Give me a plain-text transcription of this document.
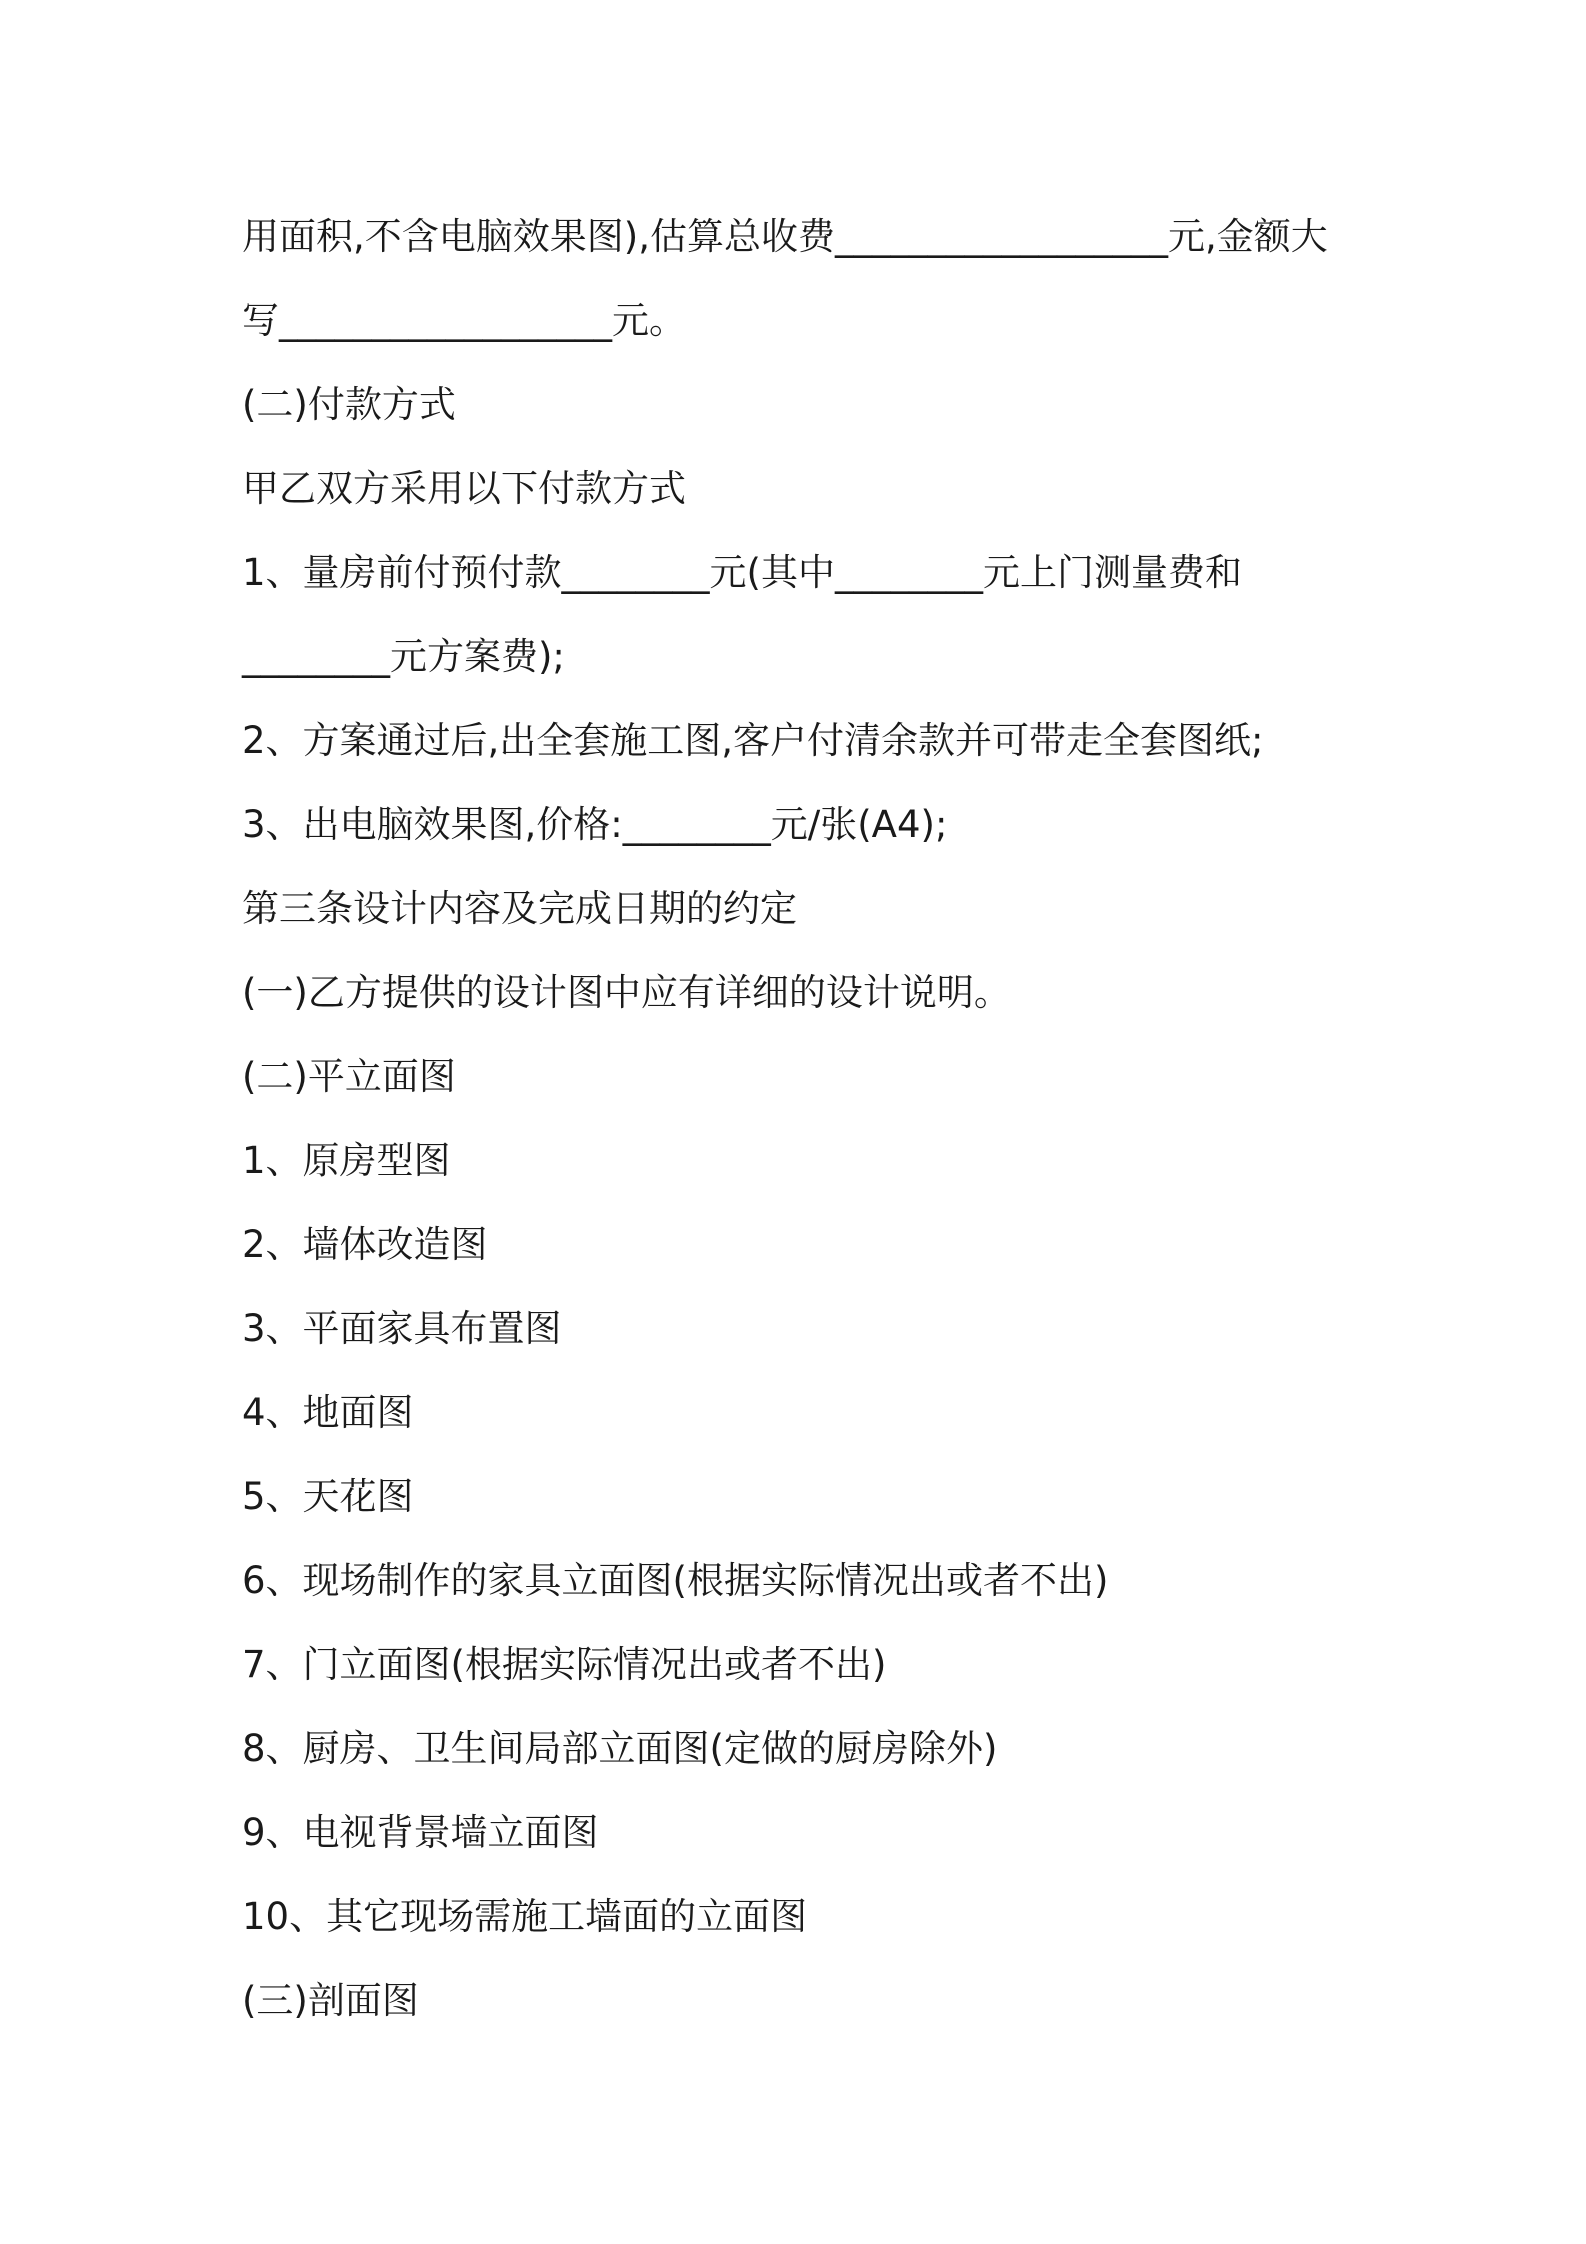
用面积,不含电脑效果图),估算总收费__________________元,金额大
写__________________元。
(二)付款方式
甲乙双方采用以下付款方式
1、量房前付预付款________元(其中________元上门测量费和
________元方案费);
2、方案通过后,出全套施工图,客户付清余款并可带走全套图纸;
3、出电脑效果图,价格:________元/张(A4);
第三条设计内容及完成日期的约定
(一)乙方提供的设计图中应有详细的设计说明。
(二)平立面图
1、原房型图
2、墙体改造图
3、平面家具布置图
4、地面图
5、天花图
6、现场制作的家具立面图(根据实际情况出或者不出)
7、门立面图(根据实际情况出或者不出)
8、厨房、卫生间局部立面图(定做的厨房除外)
9、电视背景墙立面图
10、其它现场需施工墙面的立面图
(三)剖面图
